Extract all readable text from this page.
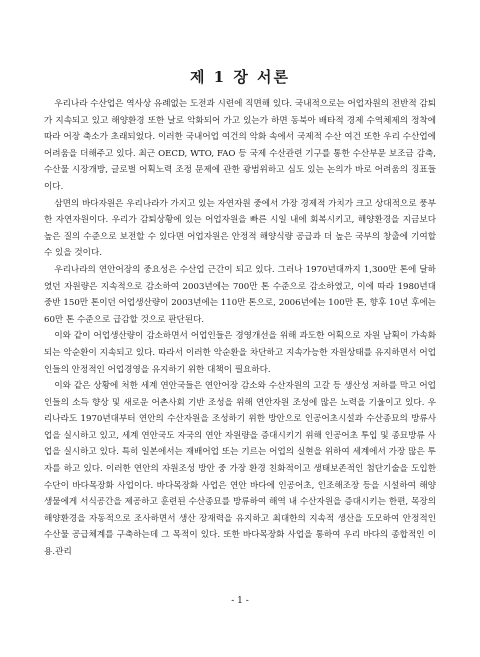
제 1 장 서론

우리나라 수산업은 역사상 유례없는 도전과 시련에 직면해 있다. 국내적으로는 어업자원의 전반적 감퇴가 지속되고 있고 해양환경 또한 날로 악화되어 가고 있는가 하면 동북아 배타적 경제 수역체제의 정착에 따라 어장 축소가 초래되었다. 이러한 국내어업 여건의 악화 속에서 국제적 수산 여건 또한 우리 수산업에 어려움을 더해주고 있다. 최근 OECD, WTO, FAO 등 국제 수산관련 기구를 통한 수산부문 보조금 감축, 수산물 시장개방, 글로벌 어획노력 조정 문제에 관한 광범위하고 심도 있는 논의가 바로 어려움의 징표들이다.

삼면의 바다자원은 우리나라가 가지고 있는 자연자원 중에서 가장 경제적 가치가 크고 상대적으로 풍부한 자연자원이다. 우리가 감퇴상황에 있는 어업자원을 빠른 시일 내에 회복시키고, 해양환경을 지금보다 높은 질의 수준으로 보전할 수 있다면 어업자원은 안정적 해양식량 공급과 더 높은 국부의 창출에 기여할 수 있을 것이다.

우리나라의 연안어장의 중요성은 수산업 근간이 되고 있다. 그러나 1970년대까지 1,300만 톤에 달하였던 자원량은 지속적으로 감소하여 2003년에는 700만 톤 수준으로 감소하였고, 이에 따라 1980년대 중반 150만 톤이던 어업생산량이 2003년에는 110만 톤으로, 2006년에는 100만 톤, 향후 10년 후에는 60만 톤 수준으로 급감할 것으로 판단된다.

이와 같이 어업생산량이 감소하면서 어업인들은 경영개선을 위해 과도한 어획으로 자원 남획이 가속화되는 악순환이 지속되고 있다. 따라서 이러한 악순환을 차단하고 지속가능한 자원상태를 유지하면서 어업인들의 안정적인 어업경영을 유지하기 위한 대책이 필요하다.

이와 같은 상황에 처한 세계 연안국들은 연안어장 감소와 수산자원의 고갈 등 생산성 저하를 막고 어업인들의 소득 향상 및 새로운 어촌사회 기반 조성을 위해 연안자원 조성에 많은 노력을 기울이고 있다. 우리나라도 1970년대부터 연안의 수산자원을 조성하기 위한 방안으로 인공어초시설과 수산종묘의 방류사업을 실시하고 있고, 세계 연안국도 자국의 연안 자원량을 증대시키기 위해 인공어초 투입 및 종묘방류 사업을 실시하고 있다. 특히 일본에서는 재배어업 또는 기르는 어업의 실현을 위하여 세계에서 가장 많은 투자를 하고 있다. 이러한 연안의 자원조성 방안 중 가장 환경 친화적이고 생태보존적인 첨단기술을 도입한 수단이 바다목장화 사업이다. 바다목장화 사업은 연안 바다에 인공어초, 인조해조장 등을 시설하여 해양생물에게 서식공간을 제공하고 훈련된 수산종묘를 방류하여 해역 내 수산자원을 증대시키는 한편, 목장의 해양환경을 자동적으로 조사하면서 생산 장재력을 유지하고 최대한의 지속적 생산을 도모하여 안정적인 수산물 공급체계를 구축하는데 그 목적이 있다. 또한 바다목장화 사업을 통하여 우리 바다의 종합적인 이용․관리

- 1 -
